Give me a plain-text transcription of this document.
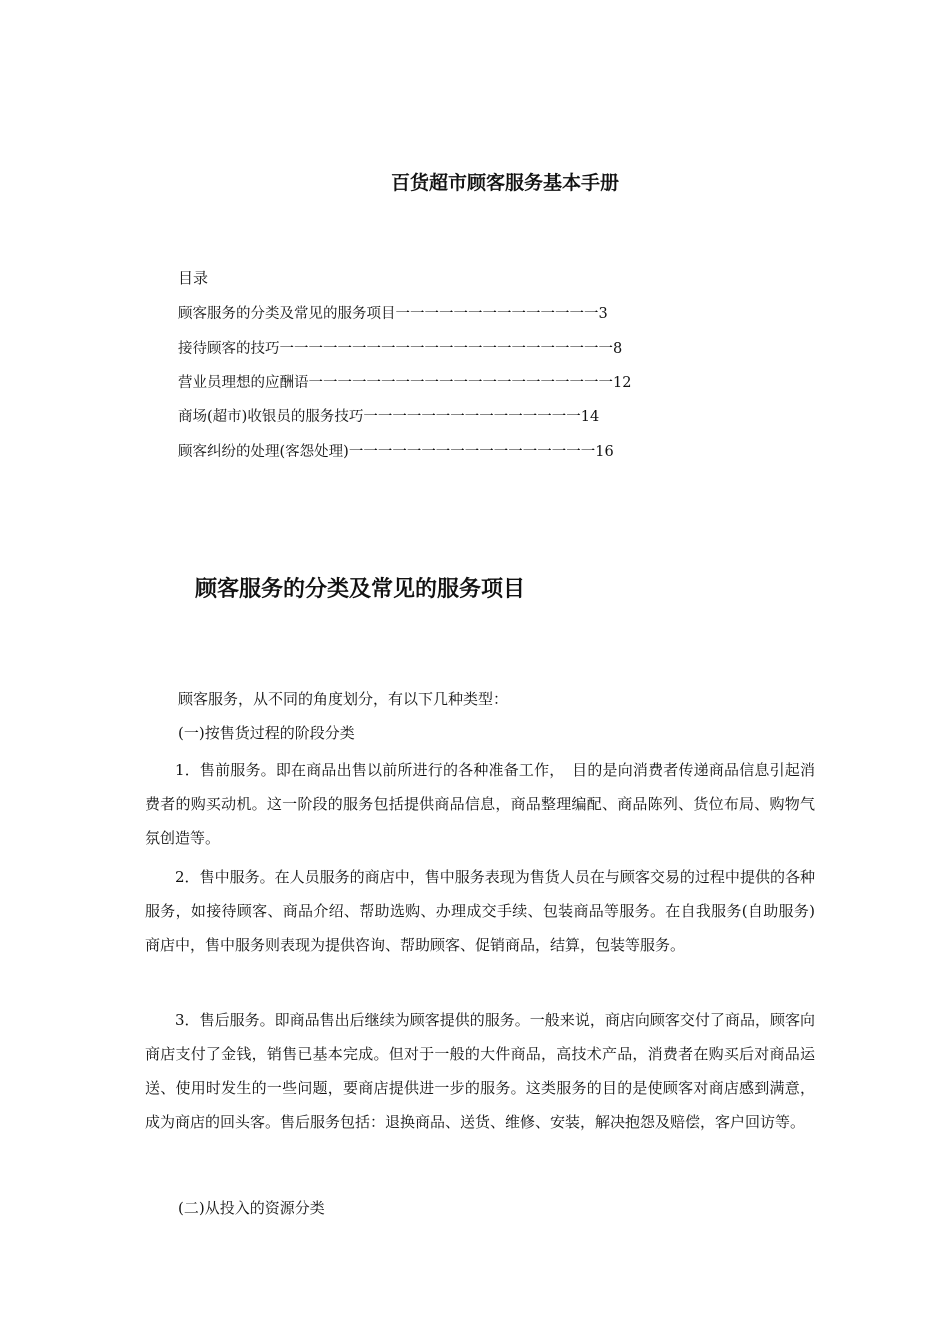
百货超市顾客服务基本手册
目录
顾客服务的分类及常见的服务项目一一一一一一一一一一一一一一3
接待顾客的技巧一一一一一一一一一一一一一一一一一一一一一一一8
营业员理想的应酬语一一一一一一一一一一一一一一一一一一一一一12
商场(超市)收银员的服务技巧一一一一一一一一一一一一一一一14
顾客纠纷的处理(客怨处理)一一一一一一一一一一一一一一一一一16
顾客服务的分类及常见的服务项目
顾客服务，从不同的角度划分，有以下几种类型：
(一)按售货过程的阶段分类
1．售前服务。即在商品出售以前所进行的各种准备工作，　目的是向消费者传递商品信息引起消费者的购买动机。这一阶段的服务包括提供商品信息，商品整理编配、商品陈列、货位布局、购物气氛创造等。
2．售中服务。在人员服务的商店中，售中服务表现为售货人员在与顾客交易的过程中提供的各种服务，如接待顾客、商品介绍、帮助选购、办理成交手续、包装商品等服务。在自我服务(自助服务)商店中，售中服务则表现为提供咨询、帮助顾客、促销商品，结算，包装等服务。
3．售后服务。即商品售出后继续为顾客提供的服务。一般来说，商店向顾客交付了商品，顾客向商店支付了金钱，销售已基本完成。但对于一般的大件商品，高技术产品，消费者在购买后对商品运送、使用时发生的一些问题，要商店提供进一步的服务。这类服务的目的是使顾客对商店感到满意，成为商店的回头客。售后服务包括：退换商品、送货、维修、安装，解决抱怨及赔偿，客户回访等。
(二)从投入的资源分类
